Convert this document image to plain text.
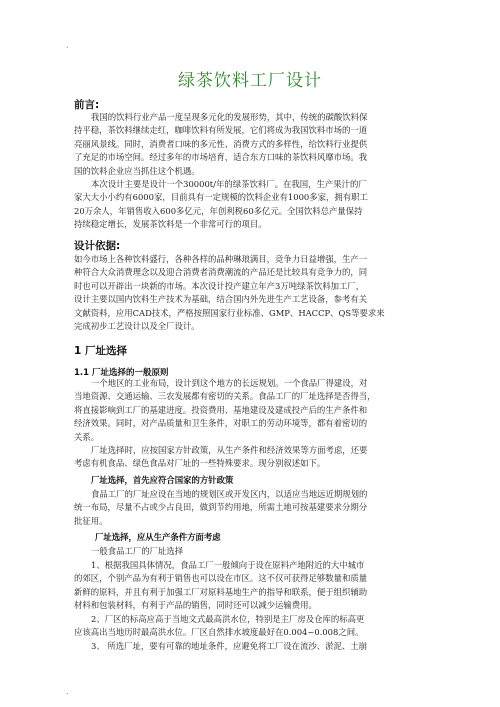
.
绿茶饮料工厂设计
前言:
我国的饮料行业产品一度呈现多元化的发展形势，其中，传统的碳酸饮料保
持平稳，茶饮料继续走红，咖啡饮料有所发展，它们将成为我国饮料市场的一道
亮丽风景线。同时，消费者口味的多元性、消费方式的多样性，给饮料行业提供
了充足的市场空间。经过多年的市场培育，适合东方口味的茶饮料风靡市场。我
国的饮料企业应当抓住这个机遇。
本次设计主要是设计一个30000t/年的绿茶饮料厂。在我国，生产果汁的厂
家大大小小约有6000家，目前具有一定规模的饮料企业有1000多家，拥有职工
20万余人，年销售收入600多亿元，年创利税60多亿元。全国饮料总产量保持
持续稳定增长，发展茶饮料是一个非常可行的项目。
设计依据:
如今市场上各种饮料盛行，各种各样的品种琳琅满目，竞争力日益增强，生产一
种符合大众消费理念以及迎合消费者消费潮流的产品还是比较具有竞争力的，同
时也可以开辟出一块新的市场。本次设计投产建立年产3万吨绿茶饮料加工厂，
设计主要以国内饮料生产技术为基础，结合国内外先进生产工艺设备，参考有关
文献资料，应用CAD技术，严格按照国家行业标准、GMP、HACCP、QS等要求来
完成初步工艺设计以及全厂设计。
1 厂址选择
1.1 厂址选择的一般原则
一个地区的工业布局，设计到这个地方的长远规划。一个食品厂得建设，对
当地资源、交通运输、三农发展都有密切的关系。食品工厂的厂址选择是否得当，
将直接影响到工厂的基建进度。投资费用、基地建设及建成投产后的生产条件和
经济效果。同时，对产品质量和卫生条件，对职工的劳动环境等，都有着密切的
关系。
厂址选择时，应按国家方针政策，从生产条件和经济效果等方面考虑，还要
考虑有机食品、绿色食品对厂址的一些特殊要求。现分别叙述如下。

厂址选择，首先应符合国家的方针政策

食品工厂的厂址应设在当地的规划区或开发区内，以适应当地远近期规划的
统一布局，尽量不占或少占良田，做到节约用地，所需土地可按基建要求分期分
批征用。

厂址选择，应从生产条件方面考虑

一般食品工厂的厂址选择
1、根据我国具体情况，食品工厂一般倾向于设在原料产地附近的大中城市
的郊区，个别产品为有利于销售也可以设在市区。这不仅可获得足够数量和质量
新鲜的原料，并且有利于加强工厂对原料基地生产的指导和联系，便于组织辅助
材料和包装材料，有利于产品的销售，同时还可以减少运输费用。
2、厂区的标高应高于当地文式最高洪水位，特别是主厂房及仓库的标高更
应该高出当地历时最高洪水位。厂区自然排水坡度最好在0.004~0.008之间。
3、 所选厂址，要有可靠的地址条件，应避免将工厂设在流沙、淤泥、土崩
.
